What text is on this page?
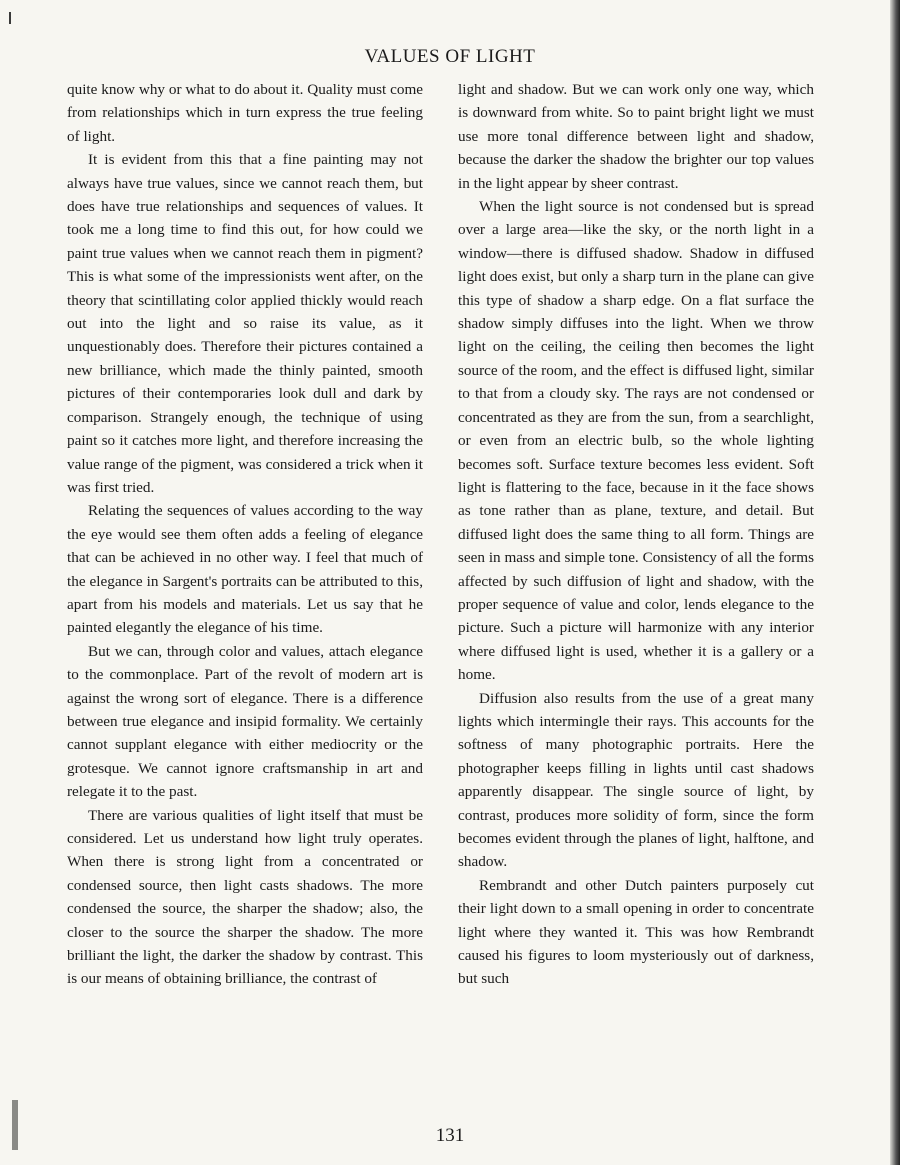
VALUES OF LIGHT

quite know why or what to do about it. Quality must come from relationships which in turn express the true feeling of light.

It is evident from this that a fine painting may not always have true values, since we cannot reach them, but does have true relationships and sequences of values. It took me a long time to find this out, for how could we paint true values when we cannot reach them in pigment? This is what some of the impressionists went after, on the theory that scintillating color applied thickly would reach out into the light and so raise its value, as it unquestionably does. Therefore their pictures contained a new brilliance, which made the thinly painted, smooth pictures of their contemporaries look dull and dark by comparison. Strangely enough, the technique of using paint so it catches more light, and therefore increasing the value range of the pigment, was considered a trick when it was first tried.

Relating the sequences of values according to the way the eye would see them often adds a feeling of elegance that can be achieved in no other way. I feel that much of the elegance in Sargent's portraits can be attributed to this, apart from his models and materials. Let us say that he painted elegantly the elegance of his time.

But we can, through color and values, attach elegance to the commonplace. Part of the revolt of modern art is against the wrong sort of elegance. There is a difference between true elegance and insipid formality. We certainly cannot supplant elegance with either mediocrity or the grotesque. We cannot ignore craftsmanship in art and relegate it to the past.

There are various qualities of light itself that must be considered. Let us understand how light truly operates. When there is strong light from a concentrated or condensed source, then light casts shadows. The more condensed the source, the sharper the shadow; also, the closer to the source the sharper the shadow. The more brilliant the light, the darker the shadow by contrast. This is our means of obtaining brilliance, the contrast of

light and shadow. But we can work only one way, which is downward from white. So to paint bright light we must use more tonal difference between light and shadow, because the darker the shadow the brighter our top values in the light appear by sheer contrast.

When the light source is not condensed but is spread over a large area—like the sky, or the north light in a window—there is diffused shadow. Shadow in diffused light does exist, but only a sharp turn in the plane can give this type of shadow a sharp edge. On a flat surface the shadow simply diffuses into the light. When we throw light on the ceiling, the ceiling then becomes the light source of the room, and the effect is diffused light, similar to that from a cloudy sky. The rays are not condensed or concentrated as they are from the sun, from a searchlight, or even from an electric bulb, so the whole lighting becomes soft. Surface texture becomes less evident. Soft light is flattering to the face, because in it the face shows as tone rather than as plane, texture, and detail. But diffused light does the same thing to all form. Things are seen in mass and simple tone. Consistency of all the forms affected by such diffusion of light and shadow, with the proper sequence of value and color, lends elegance to the picture. Such a picture will harmonize with any interior where diffused light is used, whether it is a gallery or a home.

Diffusion also results from the use of a great many lights which intermingle their rays. This accounts for the softness of many photographic portraits. Here the photographer keeps filling in lights until cast shadows apparently disappear. The single source of light, by contrast, produces more solidity of form, since the form becomes evident through the planes of light, halftone, and shadow.

Rembrandt and other Dutch painters purposely cut their light down to a small opening in order to concentrate light where they wanted it. This was how Rembrandt caused his figures to loom mysteriously out of darkness, but such

131
